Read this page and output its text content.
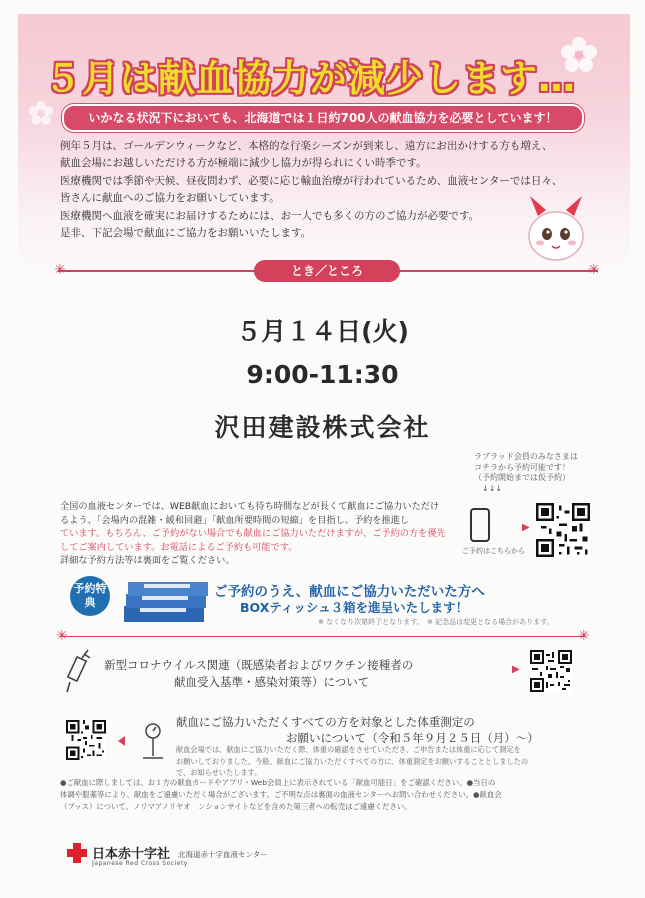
５月は献血協力が減少します…
いかなる状況下においても、北海道では１日約700人の献血協力を必要としています！
例年５月は、ゴールデンウィークなど、本格的な行楽シーズンが到来し、遠方にお出かけする方も増え、
献血会場にお越しいただける方が極端に減少し協力が得られにくい時季です。
医療機関では季節や天候、昼夜問わず、必要に応じ輸血治療が行われているため、血液センターでは日々、
皆さんに献血へのご協力をお願いしています。
医療機関へ血液を確実にお届けするためには、お一人でも多くの方のご協力が必要です。
是非、下記会場で献血にご協力をお願いいたします。
✳	✳
とき／ところ
５月１４日(火)
9:00-11:30
沢田建設株式会社
ラブラッド会員のみなさまは
コチラから予約可能です！
（予約開始までは仮予約）
↓↓↓
全国の血液センターでは、WEB献血においても待ち時間などが長くて献血にご協力いただけ
るよう、「会場内の混雑・緩和回避」「献血所要時間の短縮」を目指し、予約を推進し
ています。もちろん、ご予約がない場合でも献血にご協力いただけますが、ご予約の方を優先
してご案内しています。お電話によるご予約も可能です。
詳細な予約方法等は裏面をご覧ください。
ご予約はこちらから
▶
予約特典
ご予約のうえ、献血にご協力いただいた方へ
BOXティッシュ３箱を進呈いたします！
※ なくなり次第終了となります。　※ 記念品は変更となる場合があります。
✳	✳
新型コロナウイルス関連（既感染者およびワクチン接種者の
献血受入基準・感染対策等）について
▶
献血にご協力いただくすべての方を対象とした体重測定の
お願いについて（令和５年９月２５日（月）〜）
献血会場では、献血にご協力いただく際、体重の確認をさせていただき、ご申告または体重に応じて測定を
お願いしておりました。今般、献血にご協力いただくすべての方に、体重測定をお願いすることとしましたの
で、お知らせいたします。
●ご献血に際しましては、お１方の献血カードやアプリ・Web会員上に表示されている「献血可能日」をご確認ください。●当日の
体調や服薬等により、献血をご遠慮いただく場合がございます。ご不明な点は裏面の血液センターへお問い合わせください。●献血会
（ブッス）について、ノリマアノリヤオ　ンションサイトなどを含めた第三者への転売はご遠慮ください。
日本赤十字社
Japanese Red Cross Society
北海道赤十字血液センター
